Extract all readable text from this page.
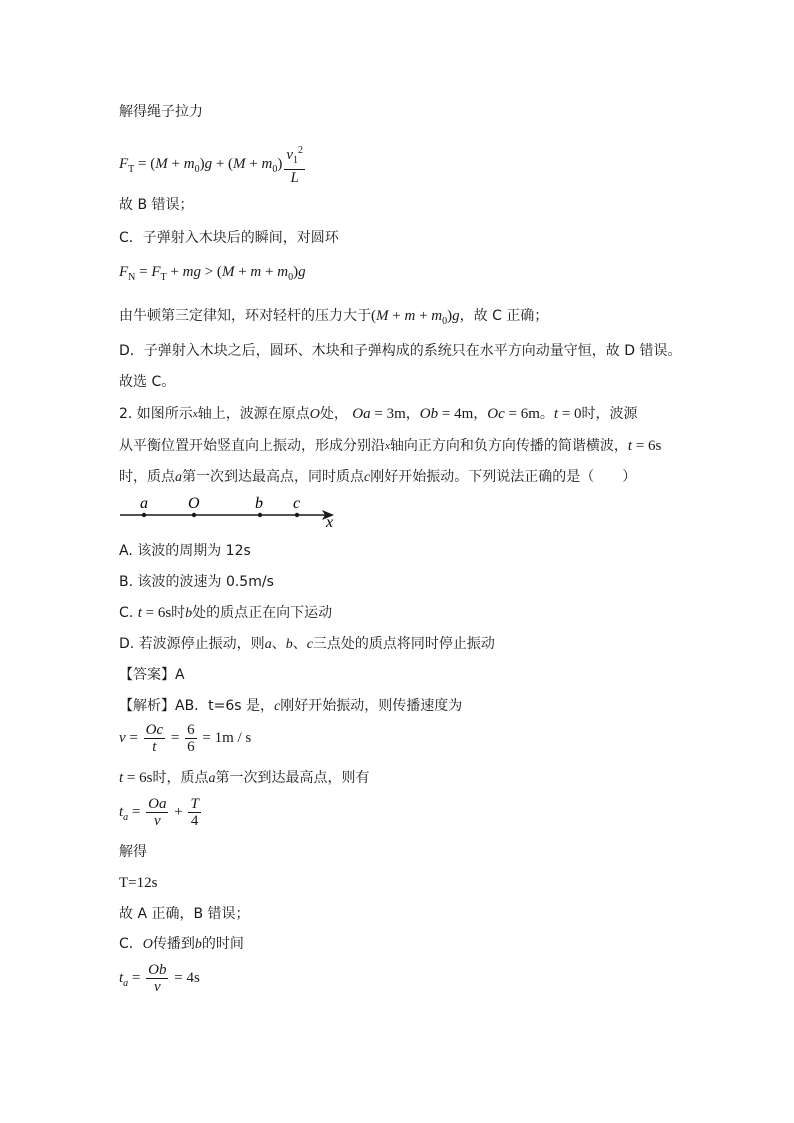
解得绳子拉力
$F_T = (M + m_0)g + (M + m_0) \frac{v_1^2}{L}$
故 B 错误；
C．子弹射入木块后的瞬间，对圆环
$F_N = F_T$ + mg > $(M + m + m_0)g$
由牛顿第三定律知，环对轻杆的压力大于$(M + m + m_0)g$，故 C 正确；
D．子弹射入木块之后，圆环、木块和子弹构成的系统只在水平方向动量守恒，故 D 错误。
故选 C。
2. 如图所示$^x$轴上，波源在原点O处， Oa = 3m，Ob = 4m，Oc = 6m。t = 0时，波源
从平衡位置开始竖直向上振动，形成分别沿$^x$轴向正方向和负方向传播的简谐横波，t = 6s
时，质点a第一次到达最高点，同时质点c刚好开始振动。下列说法正确的是（　　）
a	O	b c
x
A. 该波的周期为 12s
B. 该波的波速为 0.5m/s
C. t = 6s时b处的质点正在向下运动
D. 若波源停止振动，则a、b、c三点处的质点将同时停止振动
【答案】A
【解析】AB．t=6s 是，c刚好开始振动，则传播速度为
$v = \frac{Oc}{t} = \frac{6}{6} = 1m / s$
t = 6s时，质点a第一次到达最高点，则有
$t_a = \frac{Oa}{v} + \frac{T}{4}$
解得
T=12s
故 A 正确，B 错误；
C．O传播到b的时间
$t_a = \frac{Ob}{v} = 4s$
